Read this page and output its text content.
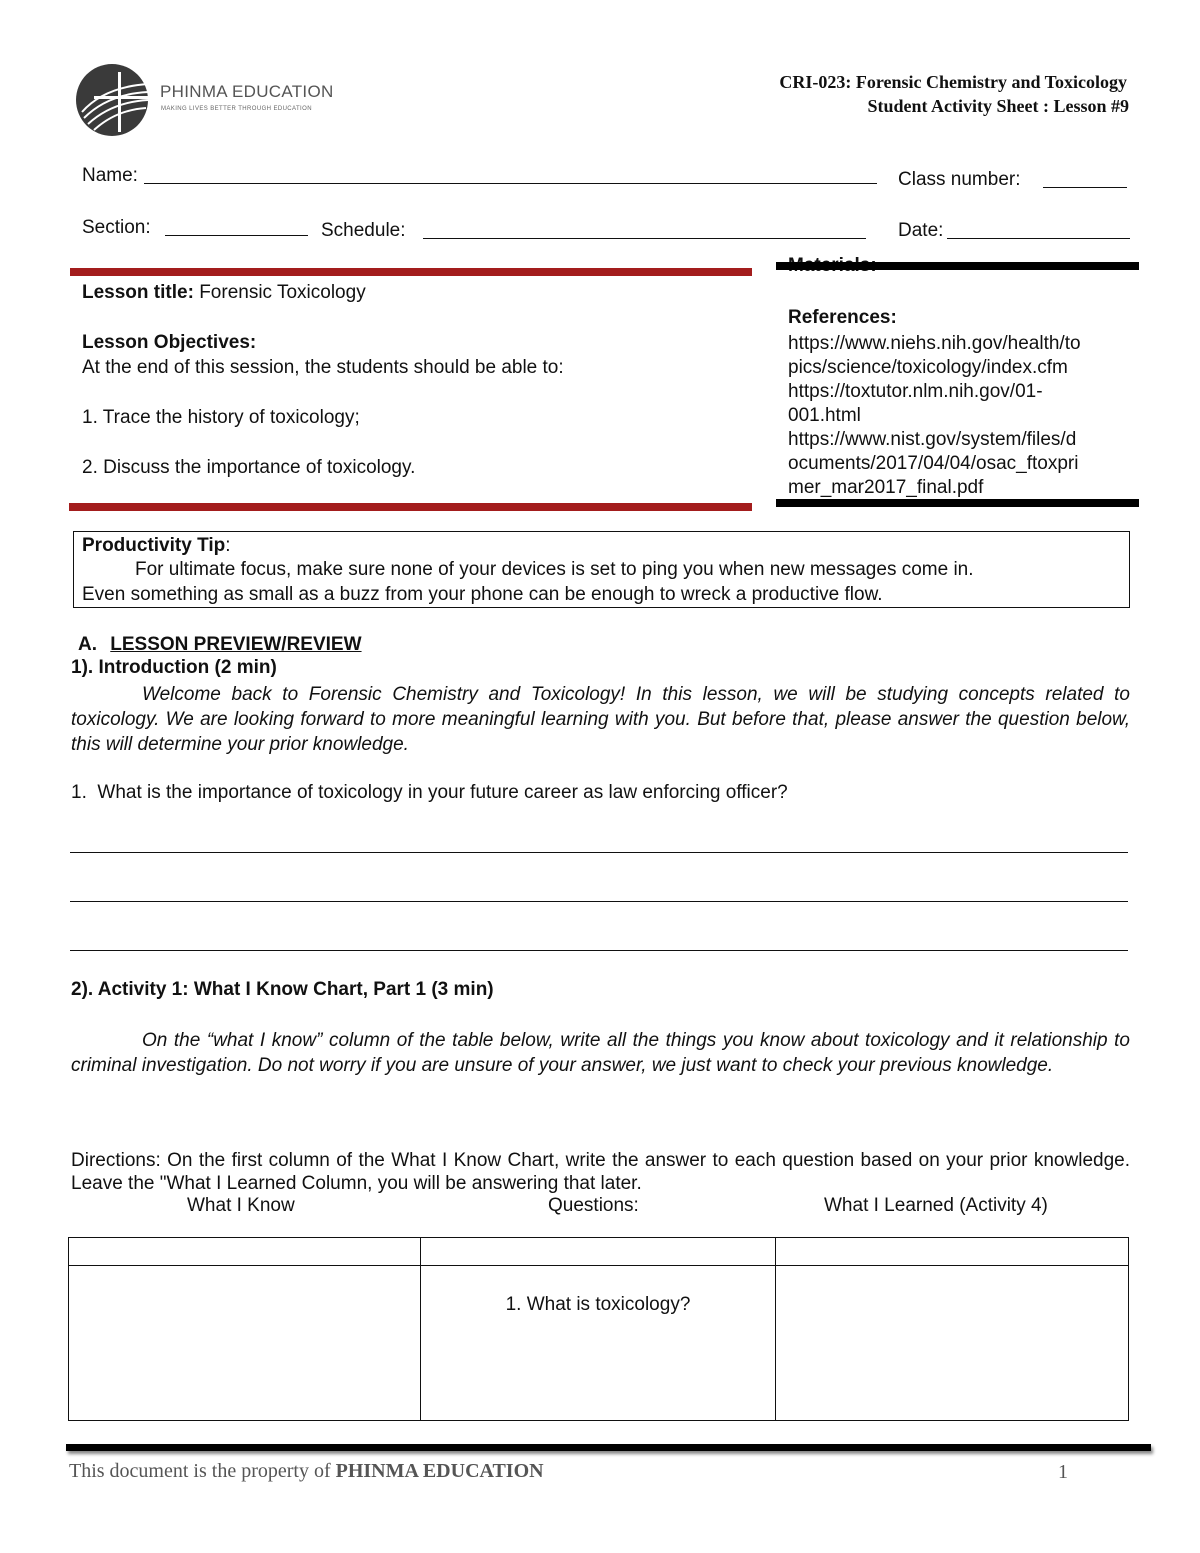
PHINMA EDUCATION
MAKING LIVES BETTER THROUGH EDUCATION
CRI-023: Forensic Chemistry and Toxicology
Student Activity Sheet : Lesson #9
Name:	Class number:
Section:	Schedule:	Date:
Lesson title: Forensic Toxicology
Lesson Objectives:
At the end of this session, the students should be able to:
1. Trace the history of toxicology;
2. Discuss the importance of toxicology.
References:
https://www.niehs.nih.gov/health/to
pics/science/toxicology/index.cfm
https://toxtutor.nlm.nih.gov/01-
001.html
https://www.nist.gov/system/files/d
ocuments/2017/04/04/osac_ftoxpri
mer_mar2017_final.pdf
Productivity Tip:
For ultimate focus, make sure none of your devices is set to ping you when new messages come in.
Even something as small as a buzz from your phone can be enough to wreck a productive flow.
A. LESSON PREVIEW/REVIEW
1). Introduction (2 min)
Welcome back to Forensic Chemistry and Toxicology! In this lesson, we will be studying concepts related to toxicology. We are looking forward to more meaningful learning with you. But before that, please answer the question below, this will determine your prior knowledge.
1.  What is the importance of toxicology in your future career as law enforcing officer?
2). Activity 1: What I Know Chart, Part 1 (3 min)
On the “what I know” column of the table below, write all the things you know about toxicology and it relationship to criminal investigation. Do not worry if you are unsure of your answer, we just want to check your previous knowledge.
Directions: On the first column of the What I Know Chart, write the answer to each question based on your prior knowledge. Leave the "What I Learned Column, you will be answering that later.
What I Know	Questions:	What I Learned (Activity 4)

	1. What is toxicology?	

This document is the property of PHINMA EDUCATION	1
